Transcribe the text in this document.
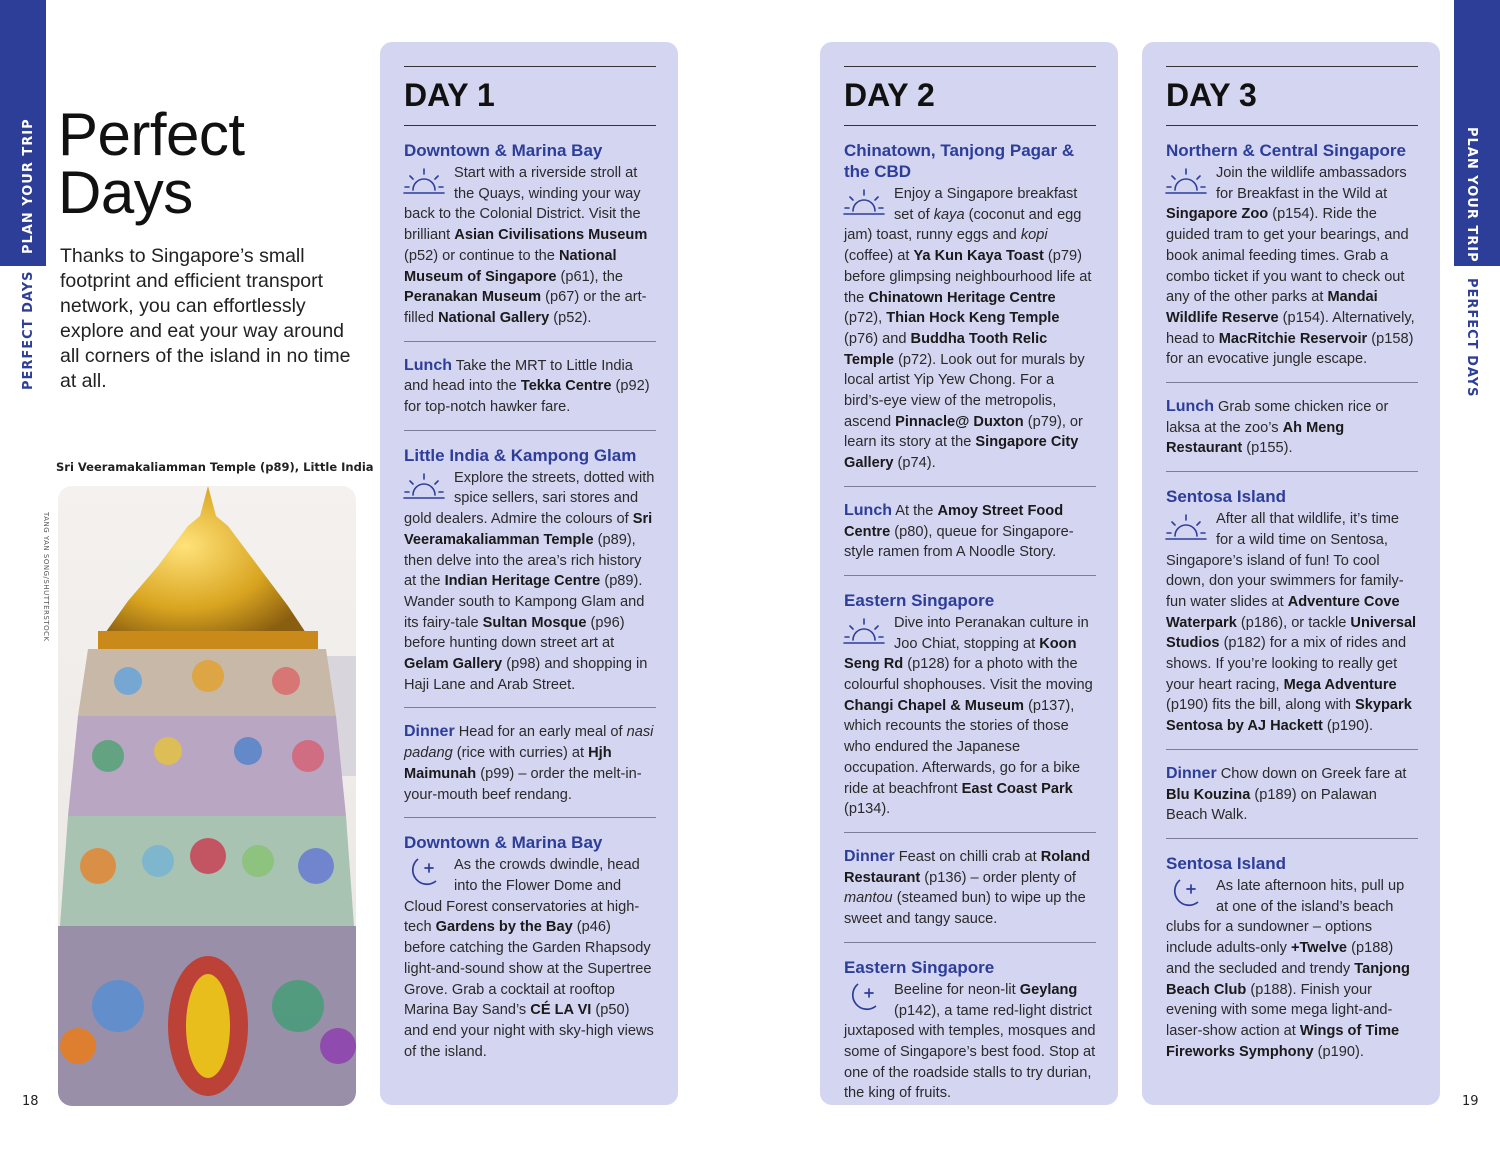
PLAN YOUR TRIP
PERFECT DAYS
18
PLAN YOUR TRIP
PERFECT DAYS
19
Perfect
Days
Thanks to Singapore’s small footprint and efficient transport network, you can effortlessly explore and eat your way around all corners of the island in no time at all.
Sri Veeramakaliamman Temple (p89), Little India
TANG YAN SONG/SHUTTERSTOCK
DAY 1
Downtown & Marina Bay
Start with a riverside stroll at the Quays, winding your way back to the Colonial District. Visit the brilliant Asian Civilisations Museum (p52) or continue to the National Museum of Singapore (p61), the Peranakan Museum (p67) or the art-filled National Gallery (p52).
Lunch Take the MRT to Little India and head into the Tekka Centre (p92) for top-notch hawker fare.
Little India & Kampong Glam
Explore the streets, dotted with spice sellers, sari stores and gold dealers. Admire the colours of Sri Veeramakaliamman Temple (p89), then delve into the area’s rich history at the Indian Heritage Centre (p89). Wander south to Kampong Glam and its fairy-tale Sultan Mosque (p96) before hunting down street art at Gelam Gallery (p98) and shopping in Haji Lane and Arab Street.
Dinner Head for an early meal of nasi padang (rice with curries) at Hjh Maimunah (p99) – order the melt-in-your-mouth beef rendang.
Downtown & Marina Bay
As the crowds dwindle, head into the Flower Dome and Cloud Forest conservatories at high-tech Gardens by the Bay (p46) before catching the Garden Rhapsody light-and-sound show at the Supertree Grove. Grab a cocktail at rooftop Marina Bay Sand’s CÉ LA VI (p50) and end your night with sky-high views of the island.
DAY 2
Chinatown, Tanjong Pagar & the CBD
Enjoy a Singapore breakfast set of kaya (coconut and egg jam) toast, runny eggs and kopi (coffee) at Ya Kun Kaya Toast (p79) before glimpsing neighbourhood life at the Chinatown Heritage Centre (p72), Thian Hock Keng Temple (p76) and Buddha Tooth Relic Temple (p72). Look out for murals by local artist Yip Yew Chong. For a bird’s-eye view of the metropolis, ascend Pinnacle@ Duxton (p79), or learn its story at the Singapore City Gallery (p74).
Lunch At the Amoy Street Food Centre (p80), queue for Singapore-style ramen from A Noodle Story.
Eastern Singapore
Dive into Peranakan culture in Joo Chiat, stopping at Koon Seng Rd (p128) for a photo with the colourful shophouses. Visit the moving Changi Chapel & Museum (p137), which recounts the stories of those who endured the Japanese occupation. Afterwards, go for a bike ride at beachfront East Coast Park (p134).
Dinner Feast on chilli crab at Roland Restaurant (p136) – order plenty of mantou (steamed bun) to wipe up the sweet and tangy sauce.
Eastern Singapore
Beeline for neon-lit Geylang (p142), a tame red-light district juxtaposed with temples, mosques and some of Singapore’s best food. Stop at one of the roadside stalls to try durian, the king of fruits.
DAY 3
Northern & Central Singapore
Join the wildlife ambassadors for Breakfast in the Wild at Singapore Zoo (p154). Ride the guided tram to get your bearings, and book animal feeding times. Grab a combo ticket if you want to check out any of the other parks at Mandai Wildlife Reserve (p154). Alternatively, head to MacRitchie Reservoir (p158) for an evocative jungle escape.
Lunch Grab some chicken rice or laksa at the zoo’s Ah Meng Restaurant (p155).
Sentosa Island
After all that wildlife, it’s time for a wild time on Sentosa, Singapore’s island of fun! To cool down, don your swimmers for family-fun water slides at Adventure Cove Waterpark (p186), or tackle Universal Studios (p182) for a mix of rides and shows. If you’re looking to really get your heart racing, Mega Adventure (p190) fits the bill, along with Skypark Sentosa by AJ Hackett (p190).
Dinner Chow down on Greek fare at Blu Kouzina (p189) on Palawan Beach Walk.
Sentosa Island
As late afternoon hits, pull up at one of the island’s beach clubs for a sundowner – options include adults-only +Twelve (p188) and the secluded and trendy Tanjong Beach Club (p188). Finish your evening with some mega light-and-laser-show action at Wings of Time Fireworks Symphony (p190).
